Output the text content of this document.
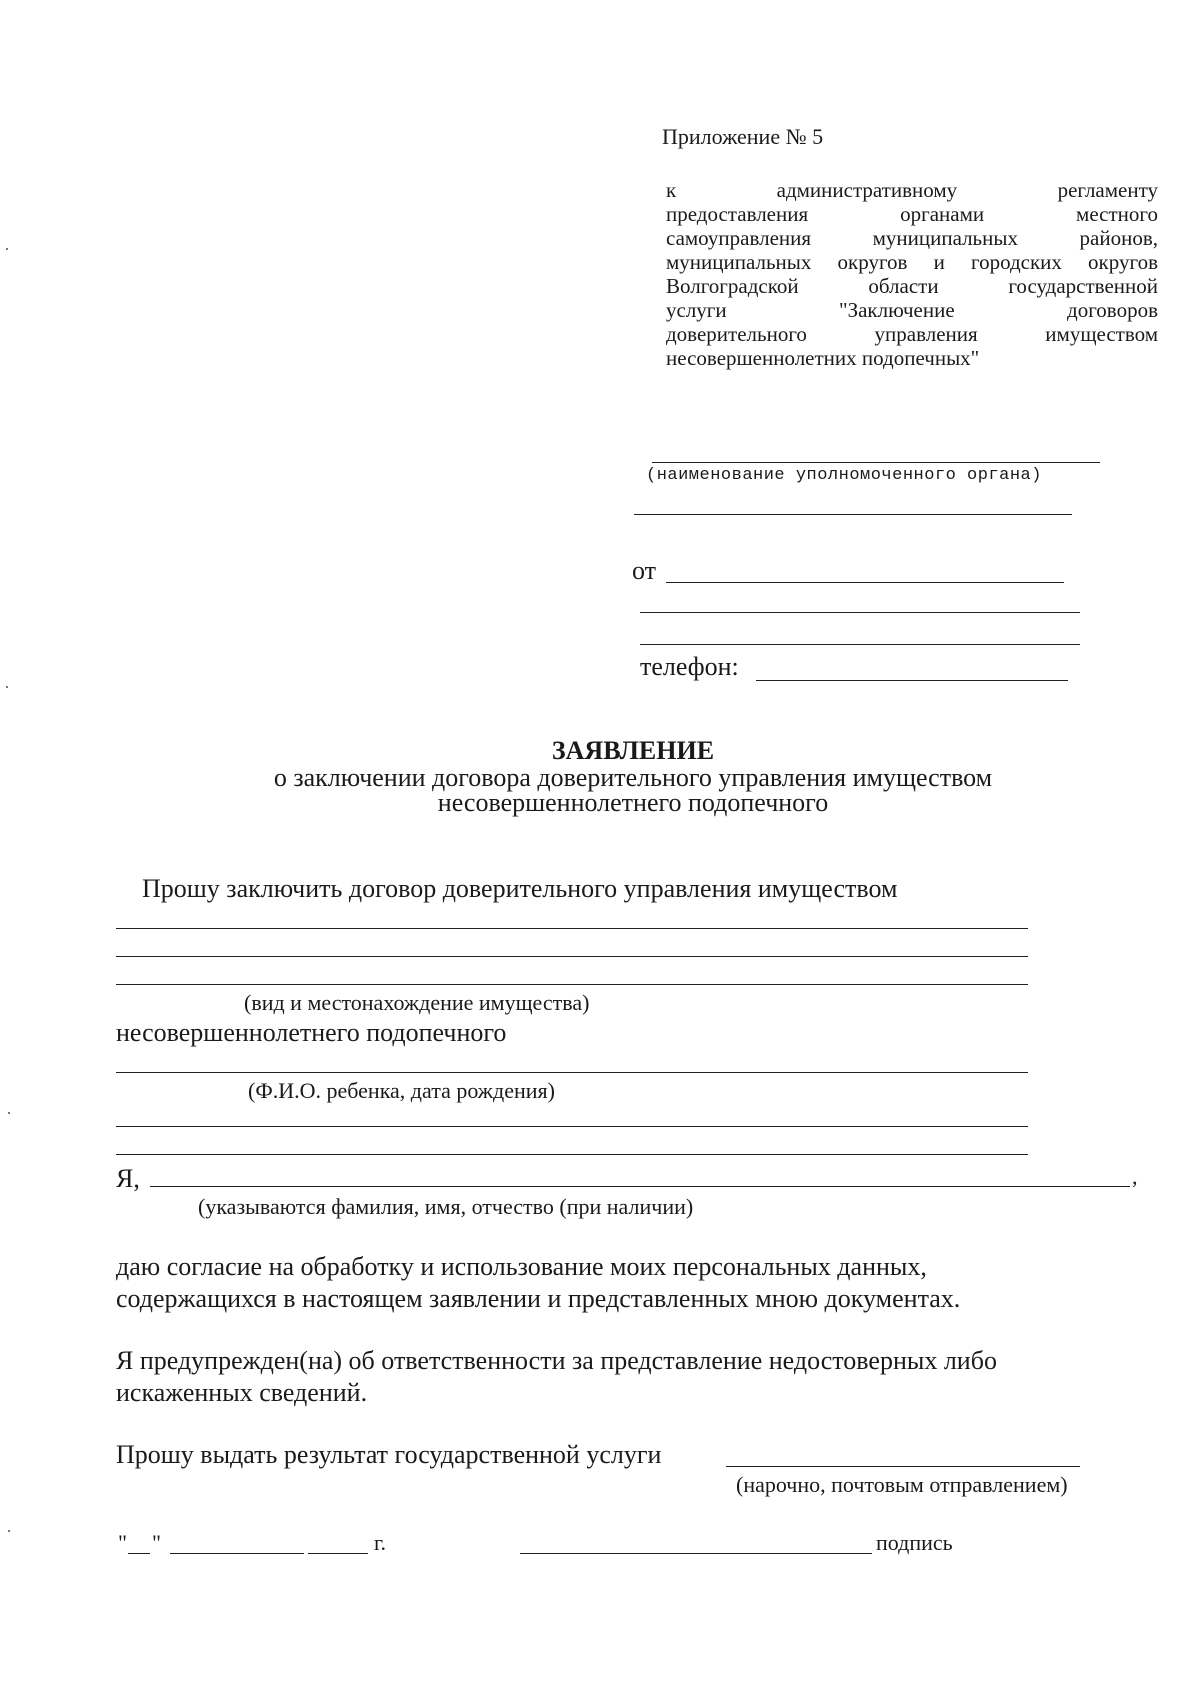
Приложение № 5
к административному регламенту
предоставления органами местного
самоуправления муниципальных районов,
муниципальных округов и городских округов
Волгоградской области государственной
услуги "Заключение договоров
доверительного управления имуществом
несовершеннолетних подопечных"
(наименование уполномоченного органа)
от
телефон:
ЗАЯВЛЕНИЕ
о заключении договора доверительного управления имуществом
несовершеннолетнего подопечного
Прошу заключить договор доверительного управления имуществом
(вид и местонахождение имущества)
несовершеннолетнего подопечного
(Ф.И.О. ребенка, дата рождения)
Я,	,
(указываются фамилия, имя, отчество (при наличии)
даю согласие на обработку и использование моих персональных данных,
содержащихся в настоящем заявлении и представленных мною документах.
Я предупрежден(на) об ответственности за представление недостоверных либо
искаженных сведений.
Прошу выдать результат государственной услуги
(нарочно, почтовым отправлением)
" "	г.	подпись
